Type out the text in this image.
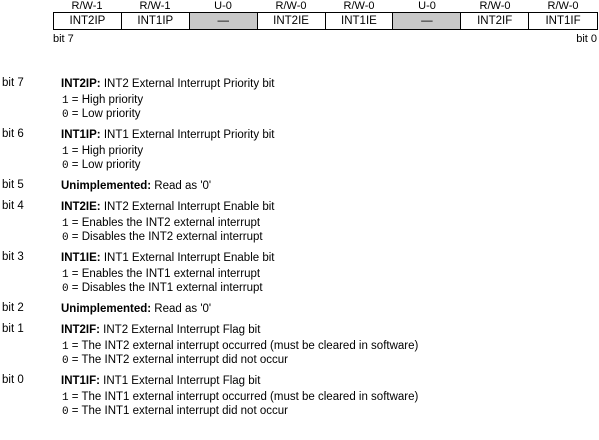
R/W-1	R/W-1	U-0	R/W-0	R/W-0	U-0	R/W-0	R/W-0
INT2IP	INT1IP	—	INT2IE	INT1IE	—	INT2IF	INT1IF
bit 7	bit 0
bit 7	INT2IP: INT2 External Interrupt Priority bit
1 = High priority
0 = Low priority
bit 6	INT1IP: INT1 External Interrupt Priority bit
1 = High priority
0 = Low priority
bit 5	Unimplemented: Read as '0'
bit 4	INT2IE: INT2 External Interrupt Enable bit
1 = Enables the INT2 external interrupt
0 = Disables the INT2 external interrupt
bit 3	INT1IE: INT1 External Interrupt Enable bit
1 = Enables the INT1 external interrupt
0 = Disables the INT1 external interrupt
bit 2	Unimplemented: Read as '0'
bit 1	INT2IF: INT2 External Interrupt Flag bit
1 = The INT2 external interrupt occurred (must be cleared in software)
0 = The INT2 external interrupt did not occur
bit 0	INT1IF: INT1 External Interrupt Flag bit
1 = The INT1 external interrupt occurred (must be cleared in software)
0 = The INT1 external interrupt did not occur
